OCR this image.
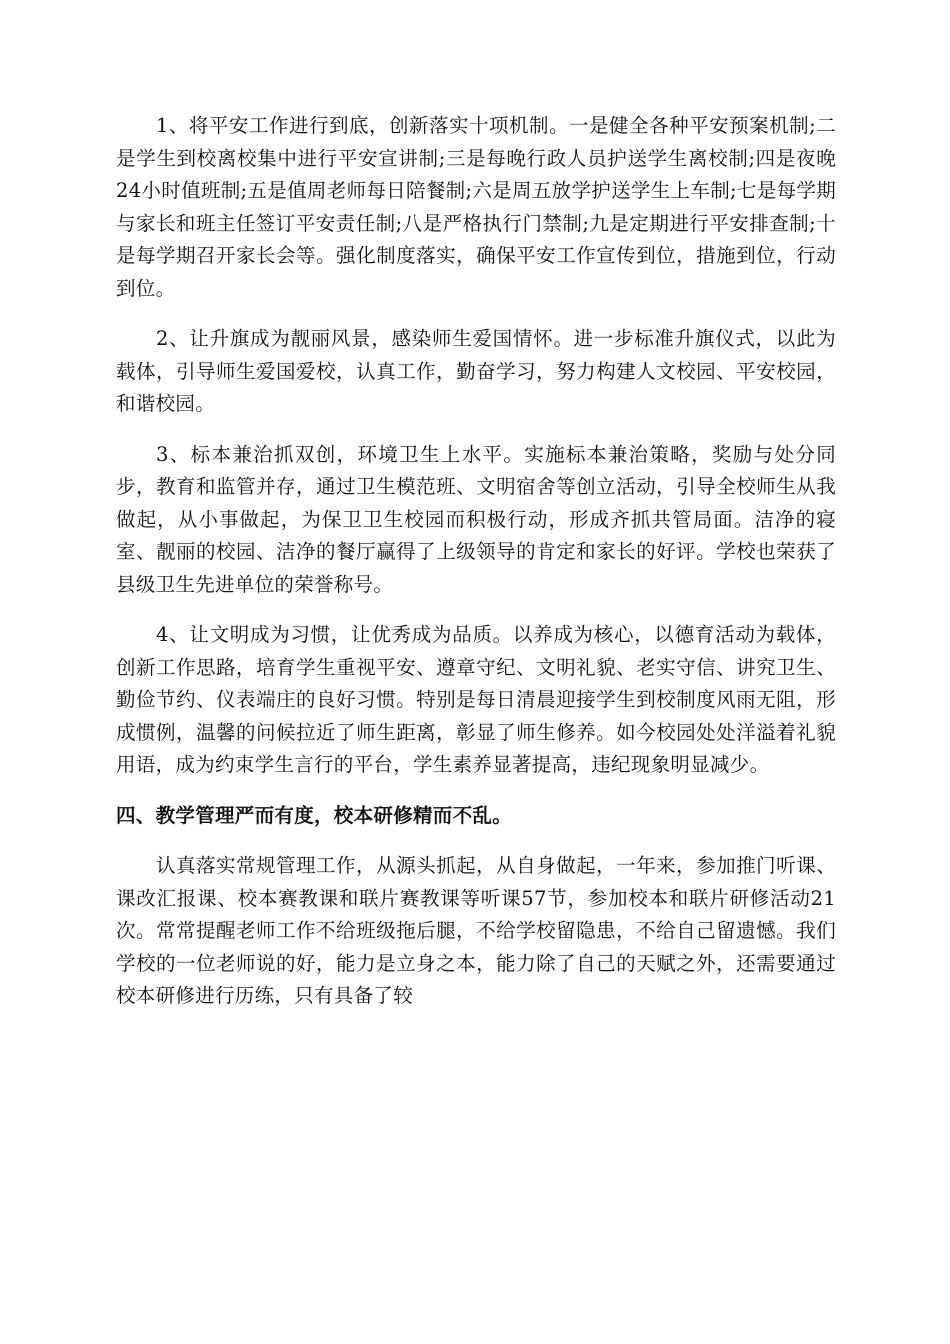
1、将平安工作进行到底，创新落实十项机制。一是健全各种平安预案机制;二是学生到校离校集中进行平安宣讲制;三是每晚行政人员护送学生离校制;四是夜晚24小时值班制;五是值周老师每日陪餐制;六是周五放学护送学生上车制;七是每学期与家长和班主任签订平安责任制;八是严格执行门禁制;九是定期进行平安排查制;十是每学期召开家长会等。强化制度落实，确保平安工作宣传到位，措施到位，行动到位。

2、让升旗成为靓丽风景，感染师生爱国情怀。进一步标准升旗仪式，以此为载体，引导师生爱国爱校，认真工作，勤奋学习，努力构建人文校园、平安校园，和谐校园。

3、标本兼治抓双创，环境卫生上水平。实施标本兼治策略，奖励与处分同步，教育和监管并存，通过卫生模范班、文明宿舍等创立活动，引导全校师生从我做起，从小事做起，为保卫卫生校园而积极行动，形成齐抓共管局面。洁净的寝室、靓丽的校园、洁净的餐厅赢得了上级领导的肯定和家长的好评。学校也荣获了县级卫生先进单位的荣誉称号。

4、让文明成为习惯，让优秀成为品质。以养成为核心，以德育活动为载体，创新工作思路，培育学生重视平安、遵章守纪、文明礼貌、老实守信、讲究卫生、勤俭节约、仪表端庄的良好习惯。特别是每日清晨迎接学生到校制度风雨无阻，形成惯例，温馨的问候拉近了师生距离，彰显了师生修养。如今校园处处洋溢着礼貌用语，成为约束学生言行的平台，学生素养显著提高，违纪现象明显减少。

四、教学管理严而有度，校本研修精而不乱。

认真落实常规管理工作，从源头抓起，从自身做起，一年来，参加推门听课、课改汇报课、校本赛教课和联片赛教课等听课57节，参加校本和联片研修活动21次。常常提醒老师工作不给班级拖后腿，不给学校留隐患，不给自己留遗憾。我们学校的一位老师说的好，能力是立身之本，能力除了自己的天赋之外，还需要通过校本研修进行历练，只有具备了较
